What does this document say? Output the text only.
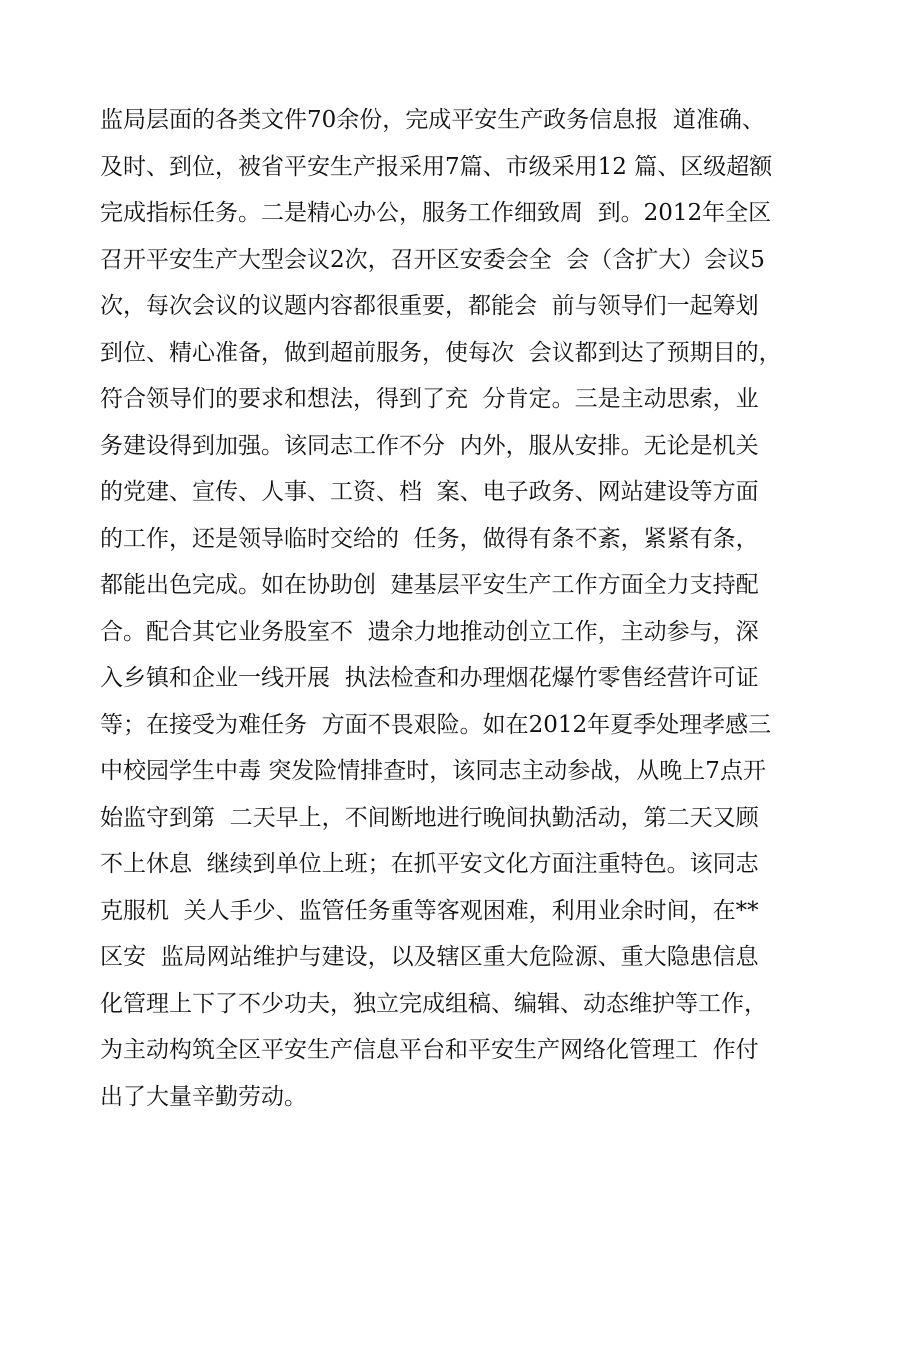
监局层面的各类文件70余份，完成平安生产政务信息报  道准确、
及时、到位，被省平安生产报采用7篇、市级采用12 篇、区级超额
完成指标任务。二是精心办公，服务工作细致周  到。2012年全区
召开平安生产大型会议2次，召开区安委会全  会（含扩大）会议5
次，每次会议的议题内容都很重要，都能会  前与领导们一起筹划
到位、精心准备，做到超前服务，使每次  会议都到达了预期目的，
符合领导们的要求和想法，得到了充  分肯定。三是主动思索，业
务建设得到加强。该同志工作不分  内外，服从安排。无论是机关
的党建、宣传、人事、工资、档  案、电子政务、网站建设等方面
的工作，还是领导临时交给的  任务，做得有条不紊，紧紧有条，
都能出色完成。如在协助创  建基层平安生产工作方面全力支持配
合。配合其它业务股室不  遗余力地推动创立工作，主动参与，深
入乡镇和企业一线开展  执法检查和办理烟花爆竹零售经营许可证
等；在接受为难任务  方面不畏艰险。如在2012年夏季处理孝感三
中校园学生中毒 突发险情排查时，该同志主动参战，从晚上7点开
始监守到第  二天早上，不间断地进行晚间执勤活动，第二天又顾
不上休息  继续到单位上班；在抓平安文化方面注重特色。该同志
克服机  关人手少、监管任务重等客观困难，利用业余时间，在**
区安  监局网站维护与建设，以及辖区重大危险源、重大隐患信息
化管理上下了不少功夫，独立完成组稿、编辑、动态维护等工作，
为主动构筑全区平安生产信息平台和平安生产网络化管理工  作付
出了大量辛勤劳动。
